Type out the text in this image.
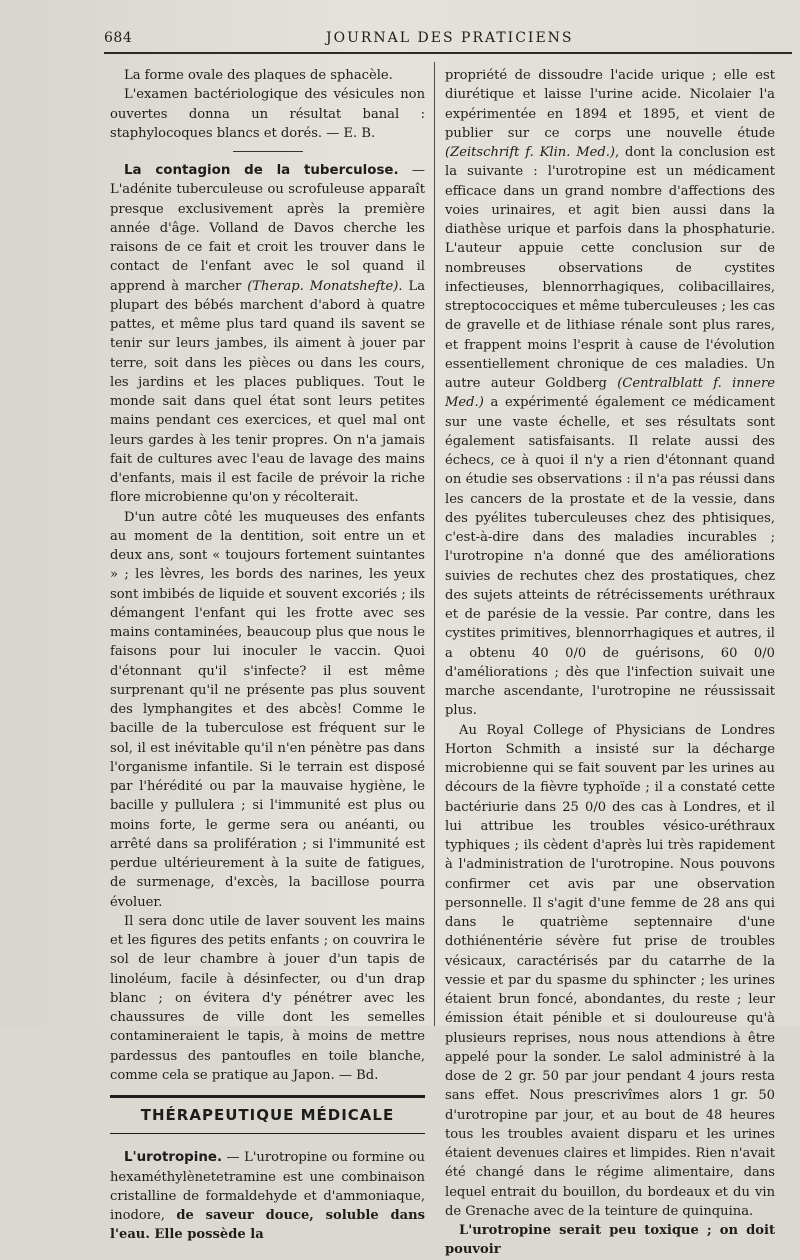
684	JOURNAL DES PRATICIENS

La forme ovale des plaques de sphacèle.

L'examen bactériologique des vésicules non ouvertes donna un résultat banal : staphylocoques blancs et dorés. — E. B.

La contagion de la tuberculose. — L'adénite tuberculeuse ou scrofuleuse apparaît presque exclusivement après la première année d'âge. Volland de Davos cherche les raisons de ce fait et croit les trouver dans le contact de l'enfant avec le sol quand il apprend à marcher (Therap. Monatshefte). La plupart des bébés marchent d'abord à quatre pattes, et même plus tard quand ils savent se tenir sur leurs jambes, ils aiment à jouer par terre, soit dans les pièces ou dans les cours, les jardins et les places publiques. Tout le monde sait dans quel état sont leurs petites mains pendant ces exercices, et quel mal ont leurs gardes à les tenir propres. On n'a jamais fait de cultures avec l'eau de lavage des mains d'enfants, mais il est facile de prévoir la riche flore microbienne qu'on y récolterait.

D'un autre côté les muqueuses des enfants au moment de la dentition, soit entre un et deux ans, sont « toujours fortement suintantes » ; les lèvres, les bords des narines, les yeux sont imbibés de liquide et souvent excoriés ; ils démangent l'enfant qui les frotte avec ses mains contaminées, beaucoup plus que nous le faisons pour lui inoculer le vaccin. Quoi d'étonnant qu'il s'infecte? il est même surprenant qu'il ne présente pas plus souvent des lymphangites et des abcès! Comme le bacille de la tuberculose est fréquent sur le sol, il est inévitable qu'il n'en pénètre pas dans l'organisme infantile. Si le terrain est disposé par l'hérédité ou par la mauvaise hygiène, le bacille y pullulera ; si l'immunité est plus ou moins forte, le germe sera ou anéanti, ou arrêté dans sa prolifération ; si l'immunité est perdue ultérieurement à la suite de fatigues, de surmenage, d'excès, la bacillose pourra évoluer.

Il sera donc utile de laver souvent les mains et les figures des petits enfants ; on couvrira le sol de leur chambre à jouer d'un tapis de linoléum, facile à désinfecter, ou d'un drap blanc ; on évitera d'y pénétrer avec les chaussures de ville dont les semelles contamineraient le tapis, à moins de mettre pardessus des pantoufles en toile blanche, comme cela se pratique au Japon. — Bd.

THÉRAPEUTIQUE MÉDICALE

L'urotropine. — L'urotropine ou formine ou hexaméthylènetetramine est une combinaison cristalline de formaldehyde et d'ammoniaque, inodore, de saveur douce, soluble dans l'eau. Elle possède la

propriété de dissoudre l'acide urique ; elle est diurétique et laisse l'urine acide. Nicolaier l'a expérimentée en 1894 et 1895, et vient de publier sur ce corps une nouvelle étude (Zeitschrift f. Klin. Med.), dont la conclusion est la suivante : l'urotropine est un médicament efficace dans un grand nombre d'affections des voies urinaires, et agit bien aussi dans la diathèse urique et parfois dans la phosphaturie. L'auteur appuie cette conclusion sur de nombreuses observations de cystites infectieuses, blennorrhagiques, colibacillaires, streptococciques et même tuberculeuses ; les cas de gravelle et de lithiase rénale sont plus rares, et frappent moins l'esprit à cause de l'évolution essentiellement chronique de ces maladies. Un autre auteur Goldberg (Centralblatt f. innere Med.) a expérimenté également ce médicament sur une vaste échelle, et ses résultats sont également satisfaisants. Il relate aussi des échecs, ce à quoi il n'y a rien d'étonnant quand on étudie ses observations : il n'a pas réussi dans les cancers de la prostate et de la vessie, dans des pyélites tuberculeuses chez des phtisiques, c'est-à-dire dans des maladies incurables ; l'urotropine n'a donné que des améliorations suivies de rechutes chez des prostatiques, chez des sujets atteints de rétrécissements uréthraux et de parésie de la vessie. Par contre, dans les cystites primitives, blennorrhagiques et autres, il a obtenu 40 0/0 de guérisons, 60 0/0 d'améliorations ; dès que l'infection suivait une marche ascendante, l'urotropine ne réussissait plus.

Au Royal College of Physicians de Londres Horton Schmith a insisté sur la décharge microbienne qui se fait souvent par les urines au décours de la fièvre typhoïde ; il a constaté cette bactériurie dans 25 0/0 des cas à Londres, et il lui attribue les troubles vésico-uréthraux typhiques ; ils cèdent d'après lui très rapidement à l'administration de l'urotropine. Nous pouvons confirmer cet avis par une observation personnelle. Il s'agit d'une femme de 28 ans qui dans le quatrième septennaire d'une dothiénentérie sévère fut prise de troubles vésicaux, caractérisés par du catarrhe de la vessie et par du spasme du sphincter ; les urines étaient brun foncé, abondantes, du reste ; leur émission était pénible et si douloureuse qu'à plusieurs reprises, nous nous attendions à être appelé pour la sonder. Le salol administré à la dose de 2 gr. 50 par jour pendant 4 jours resta sans effet. Nous prescrivîmes alors 1 gr. 50 d'urotropine par jour, et au bout de 48 heures tous les troubles avaient disparu et les urines étaient devenues claires et limpides. Rien n'avait été changé dans le régime alimentaire, dans lequel entrait du bouillon, du bordeaux et du vin de Grenache avec de la teinture de quinquina.

L'urotropine serait peu toxique ; on doit pouvoir
